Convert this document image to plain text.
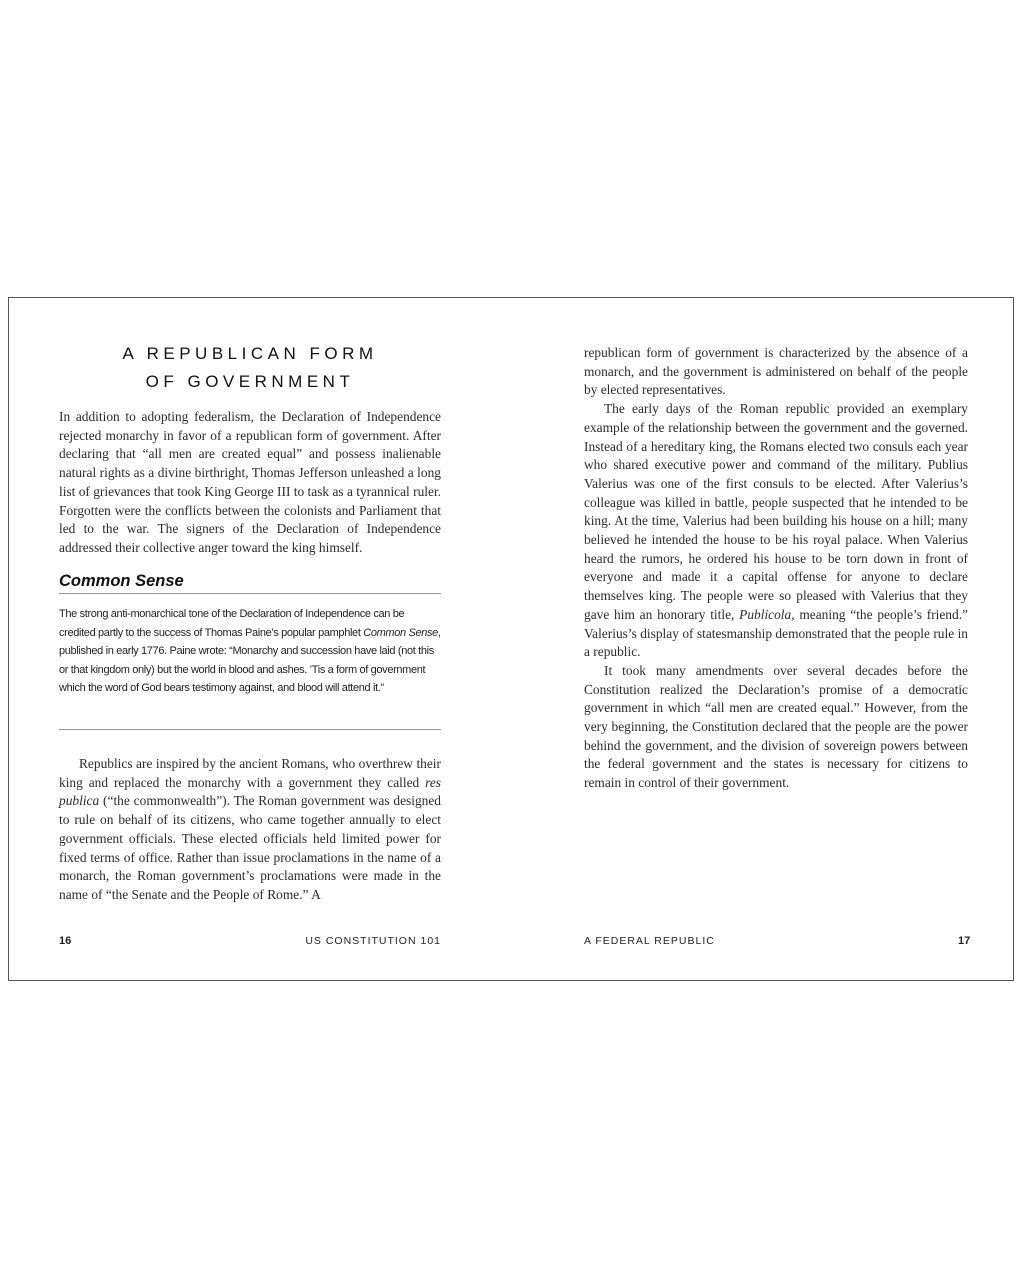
A REPUBLICAN FORM
OF GOVERNMENT

In addition to adopting federalism, the Declaration of Independence rejected monarchy in favor of a republican form of government. After declaring that “all men are created equal” and possess inalienable natural rights as a divine birthright, Thomas Jefferson unleashed a long list of grievances that took King George III to task as a tyrannical ruler. Forgotten were the conflicts between the colonists and Parliament that led to the war. The signers of the Declaration of Independence addressed their collective anger toward the king himself.

Common Sense

The strong anti-monarchical tone of the Declaration of Independence can be credited partly to the success of Thomas Paine’s popular pamphlet Common Sense, published in early 1776. Paine wrote: “Monarchy and succession have laid (not this or that kingdom only) but the world in blood and ashes. ’Tis a form of government which the word of God bears testimony against, and blood will attend it.”

Republics are inspired by the ancient Romans, who overthrew their king and replaced the monarchy with a government they called res publica (“the commonwealth”). The Roman government was designed to rule on behalf of its citizens, who came together annually to elect government officials. These elected officials held limited power for fixed terms of office. Rather than issue proclamations in the name of a monarch, the Roman government’s proclamations were made in the name of “the Senate and the People of Rome.” A

16	US CONSTITUTION 101

republican form of government is characterized by the absence of a monarch, and the government is administered on behalf of the people by elected representatives.

The early days of the Roman republic provided an exemplary example of the relationship between the government and the governed. Instead of a hereditary king, the Romans elected two consuls each year who shared executive power and command of the military. Publius Valerius was one of the first consuls to be elected. After Valerius’s colleague was killed in battle, people suspected that he intended to be king. At the time, Valerius had been building his house on a hill; many believed he intended the house to be his royal palace. When Valerius heard the rumors, he ordered his house to be torn down in front of everyone and made it a capital offense for anyone to declare themselves king. The people were so pleased with Valerius that they gave him an honorary title, Publicola, meaning “the people’s friend.” Valerius’s display of statesmanship demonstrated that the people rule in a republic.

It took many amendments over several decades before the Constitution realized the Declaration’s promise of a democratic government in which “all men are created equal.” However, from the very beginning, the Constitution declared that the people are the power behind the government, and the division of sovereign powers between the federal government and the states is necessary for citizens to remain in control of their government.

A FEDERAL REPUBLIC	17
